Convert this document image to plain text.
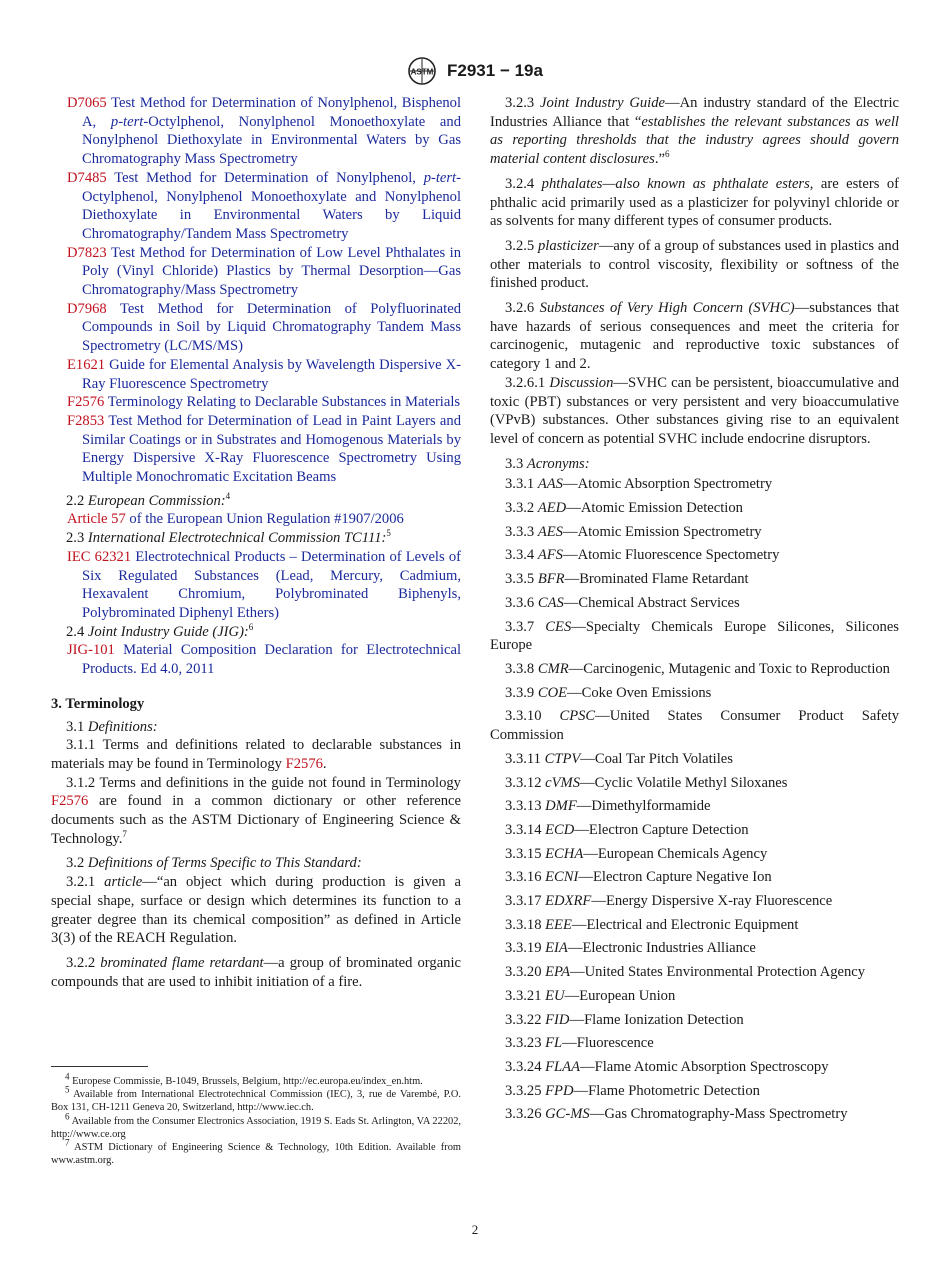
ASTM F2931 − 19a

D7065 Test Method for Determination of Nonylphenol, Bisphenol A, p-tert-Octylphenol, Nonylphenol Monoethoxylate and Nonylphenol Diethoxylate in Environmental Waters by Gas Chromatography Mass Spectrometry

D7485 Test Method for Determination of Nonylphenol, p-tert-Octylphenol, Nonylphenol Monoethoxylate and Nonylphenol Diethoxylate in Environmental Waters by Liquid Chromatography/Tandem Mass Spectrometry

D7823 Test Method for Determination of Low Level Phthalates in Poly (Vinyl Chloride) Plastics by Thermal Desorption—Gas Chromatography/Mass Spectrometry

D7968 Test Method for Determination of Polyfluorinated Compounds in Soil by Liquid Chromatography Tandem Mass Spectrometry (LC/MS/MS)

E1621 Guide for Elemental Analysis by Wavelength Dispersive X-Ray Fluorescence Spectrometry

F2576 Terminology Relating to Declarable Substances in Materials

F2853 Test Method for Determination of Lead in Paint Layers and Similar Coatings or in Substrates and Homogenous Materials by Energy Dispersive X-Ray Fluorescence Spectrometry Using Multiple Monochromatic Excitation Beams

2.2 European Commission:$^4$

Article 57 of the European Union Regulation #1907/2006

2.3 International Electrotechnical Commission TC111:$^5$

IEC 62321 Electrotechnical Products – Determination of Levels of Six Regulated Substances (Lead, Mercury, Cadmium, Hexavalent Chromium, Polybrominated Biphenyls, Polybrominated Diphenyl Ethers)

2.4 Joint Industry Guide (JIG):$^6$

JIG-101 Material Composition Declaration for Electrotechnical Products. Ed 4.0, 2011

3. Terminology

3.1 Definitions:

3.1.1 Terms and definitions related to declarable substances in materials may be found in Terminology F2576.

3.1.2 Terms and definitions in the guide not found in Terminology F2576 are found in a common dictionary or other reference documents such as the ASTM Dictionary of Engineering Science & Technology.$^7$

3.2 Definitions of Terms Specific to This Standard:

3.2.1 article—“an object which during production is given a special shape, surface or design which determines its function to a greater degree than its chemical composition” as defined in Article 3(3) of the REACH Regulation.

3.2.2 brominated flame retardant—a group of brominated organic compounds that are used to inhibit initiation of a fire.

$^4$ Europese Commissie, B-1049, Brussels, Belgium, http://ec.europa.eu/index_en.htm.

$^5$ Available from International Electrotechnical Commission (IEC), 3, rue de Varembé, P.O. Box 131, CH-1211 Geneva 20, Switzerland, http://www.iec.ch.

$^6$ Available from the Consumer Electronics Association, 1919 S. Eads St. Arlington, VA 22202, http://www.ce.org

$^7$ ASTM Dictionary of Engineering Science & Technology, 10th Edition. Available from www.astm.org.

3.2.3 Joint Industry Guide—An industry standard of the Electric Industries Alliance that “establishes the relevant substances as well as reporting thresholds that the industry agrees should govern material content disclosures.”$^6$

3.2.4 phthalates—also known as phthalate esters, are esters of phthalic acid primarily used as a plasticizer for polyvinyl chloride or as solvents for many different types of consumer products.

3.2.5 plasticizer—any of a group of substances used in plastics and other materials to control viscosity, flexibility or softness of the finished product.

3.2.6 Substances of Very High Concern (SVHC)—substances that have hazards of serious consequences and meet the criteria for carcinogenic, mutagenic and reproductive toxic substances of category 1 and 2.

3.2.6.1 Discussion—SVHC can be persistent, bioaccumulative and toxic (PBT) substances or very persistent and very bioaccumulative (VPvB) substances. Other substances giving rise to an equivalent level of concern as potential SVHC include endocrine disruptors.

3.3 Acronyms:

3.3.1 AAS—Atomic Absorption Spectrometry

3.3.2 AED—Atomic Emission Detection

3.3.3 AES—Atomic Emission Spectrometry

3.3.4 AFS—Atomic Fluorescence Spectometry

3.3.5 BFR—Brominated Flame Retardant

3.3.6 CAS—Chemical Abstract Services

3.3.7 CES—Specialty Chemicals Europe Silicones, Silicones Europe

3.3.8 CMR—Carcinogenic, Mutagenic and Toxic to Reproduction

3.3.9 COE—Coke Oven Emissions

3.3.10 CPSC—United States Consumer Product Safety Commission

3.3.11 CTPV—Coal Tar Pitch Volatiles

3.3.12 cVMS—Cyclic Volatile Methyl Siloxanes

3.3.13 DMF—Dimethylformamide

3.3.14 ECD—Electron Capture Detection

3.3.15 ECHA—European Chemicals Agency

3.3.16 ECNI—Electron Capture Negative Ion

3.3.17 EDXRF—Energy Dispersive X-ray Fluorescence

3.3.18 EEE—Electrical and Electronic Equipment

3.3.19 EIA—Electronic Industries Alliance

3.3.20 EPA—United States Environmental Protection Agency

3.3.21 EU—European Union

3.3.22 FID—Flame Ionization Detection

3.3.23 FL—Fluorescence

3.3.24 FLAA—Flame Atomic Absorption Spectroscopy

3.3.25 FPD—Flame Photometric Detection

3.3.26 GC-MS—Gas Chromatography-Mass Spectrometry

2
